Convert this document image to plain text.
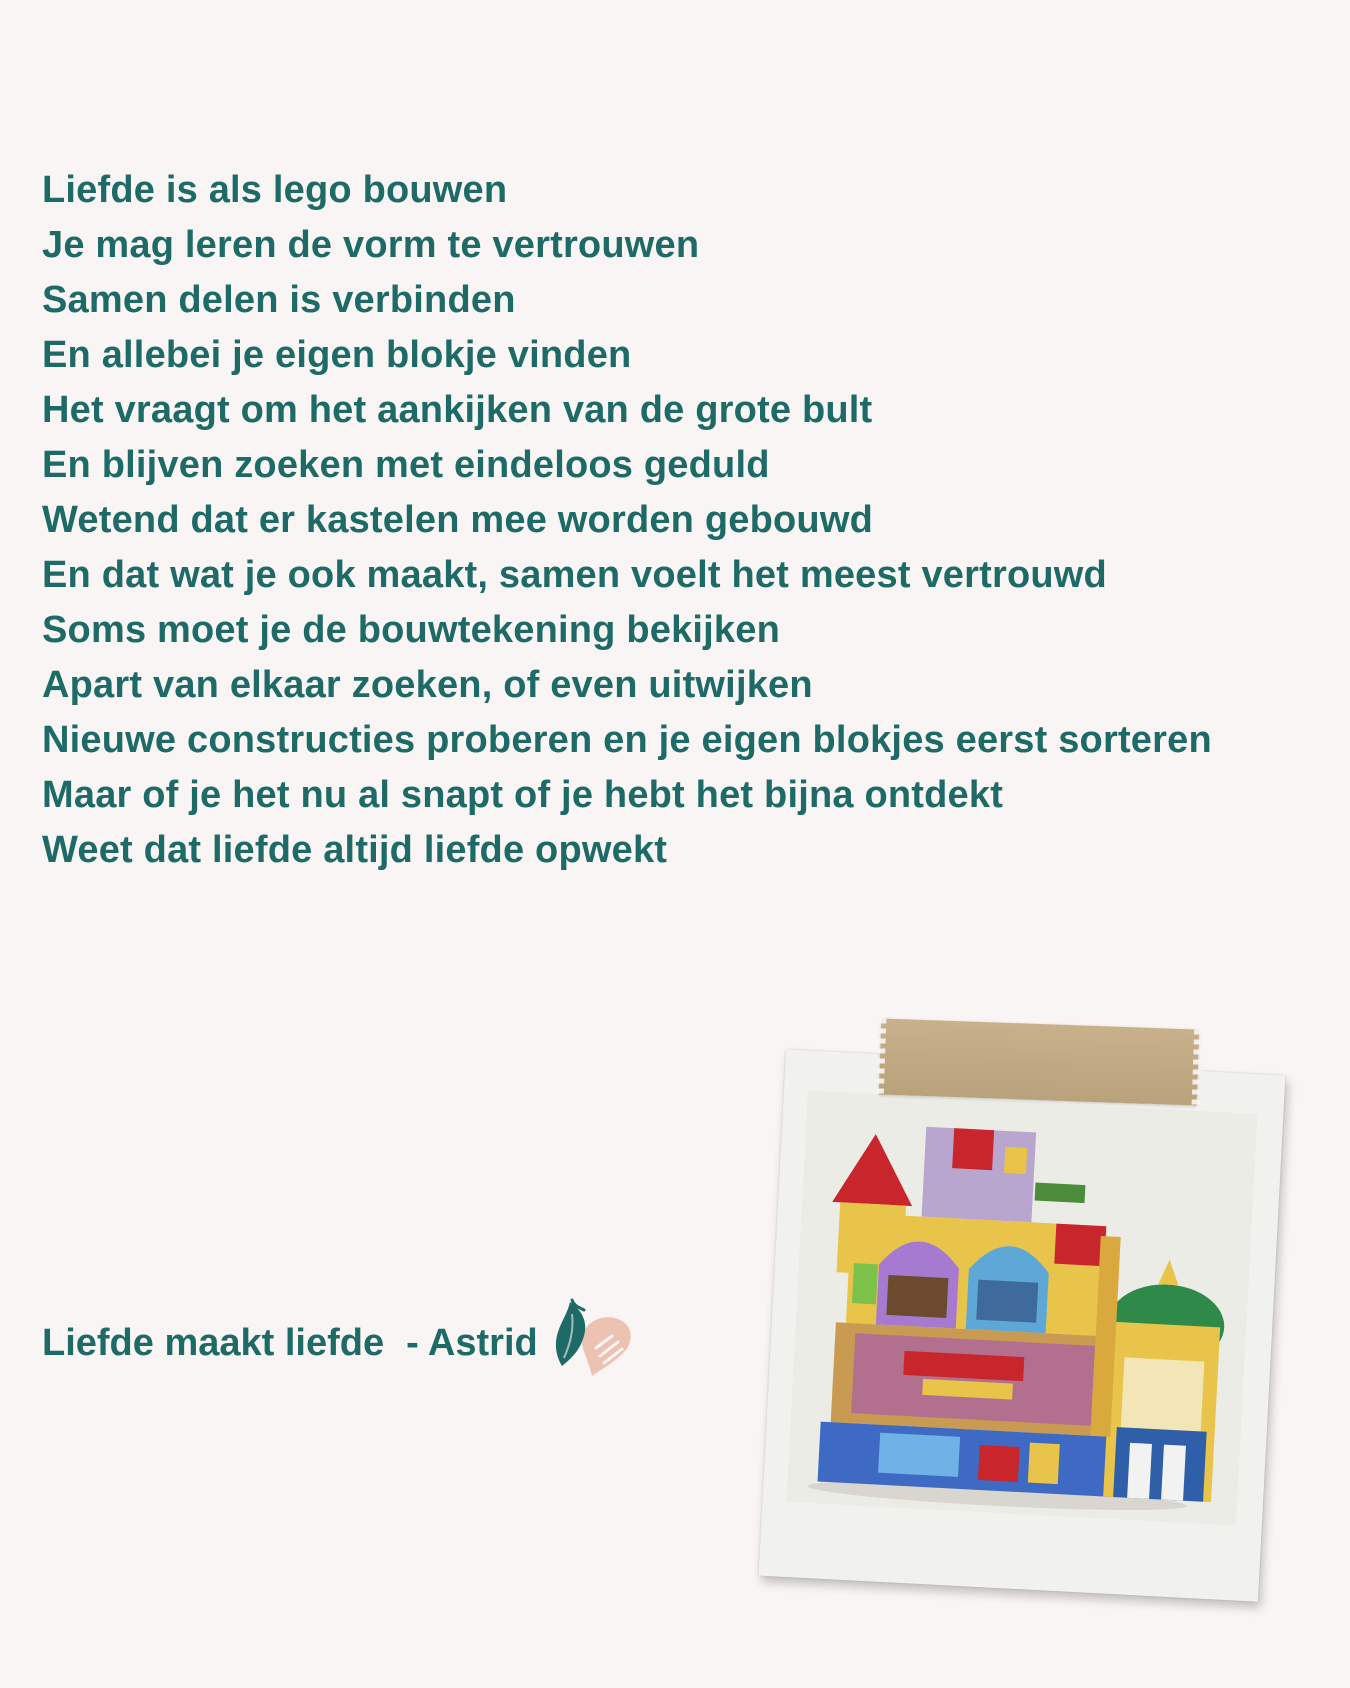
Liefde is als lego bouwen
Je mag leren de vorm te vertrouwen
Samen delen is verbinden
En allebei je eigen blokje vinden
Het vraagt om het aankijken van de grote bult
En blijven zoeken met eindeloos geduld
Wetend dat er kastelen mee worden gebouwd
En dat wat je ook maakt, samen voelt het meest vertrouwd
Soms moet je de bouwtekening bekijken
Apart van elkaar zoeken, of even uitwijken
Nieuwe constructies proberen en je eigen blokjes eerst sorteren
Maar of je het nu al snapt of je hebt het bijna ontdekt
Weet dat liefde altijd liefde opwekt
Liefde maakt liefde - Astrid
